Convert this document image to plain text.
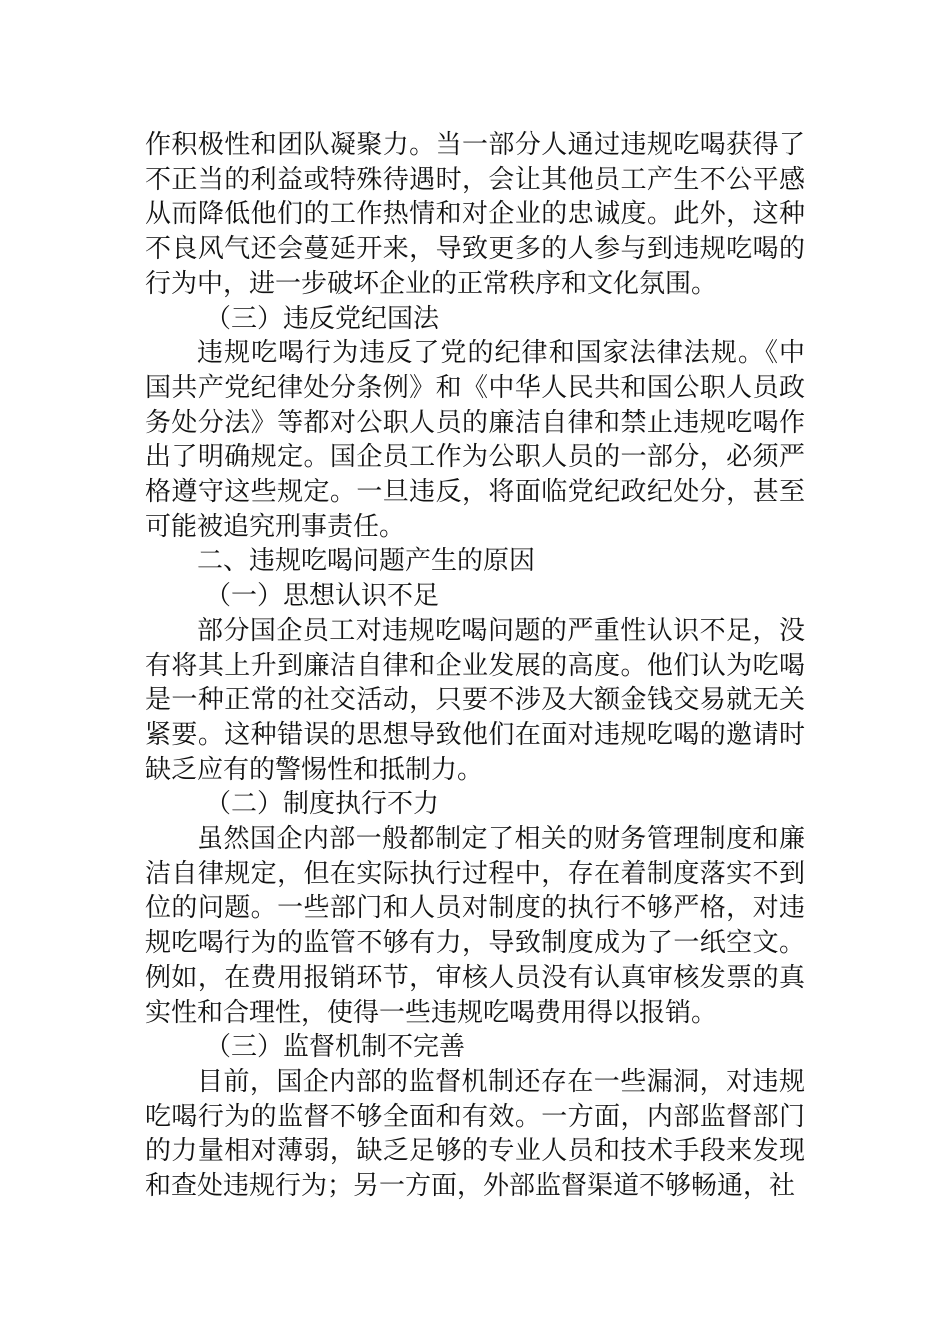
作积极性和团队凝聚力。当一部分人通过违规吃喝获得了不正当的利益或特殊待遇时，会让其他员工产生不公平感从而降低他们的工作热情和对企业的忠诚度。此外，这种不良风气还会蔓延开来，导致更多的人参与到违规吃喝的行为中，进一步破坏企业的正常秩序和文化氛围。

（三）违反党纪国法

违规吃喝行为违反了党的纪律和国家法律法规。《中国共产党纪律处分条例》和《中华人民共和国公职人员政务处分法》等都对公职人员的廉洁自律和禁止违规吃喝作出了明确规定。国企员工作为公职人员的一部分，必须严格遵守这些规定。一旦违反，将面临党纪政纪处分，甚至可能被追究刑事责任。

二、违规吃喝问题产生的原因

（一）思想认识不足

部分国企员工对违规吃喝问题的严重性认识不足，没有将其上升到廉洁自律和企业发展的高度。他们认为吃喝是一种正常的社交活动，只要不涉及大额金钱交易就无关紧要。这种错误的思想导致他们在面对违规吃喝的邀请时缺乏应有的警惕性和抵制力。

（二）制度执行不力

虽然国企内部一般都制定了相关的财务管理制度和廉洁自律规定，但在实际执行过程中，存在着制度落实不到位的问题。一些部门和人员对制度的执行不够严格，对违规吃喝行为的监管不够有力，导致制度成为了一纸空文。例如，在费用报销环节，审核人员没有认真审核发票的真实性和合理性，使得一些违规吃喝费用得以报销。

（三）监督机制不完善

目前，国企内部的监督机制还存在一些漏洞，对违规吃喝行为的监督不够全面和有效。一方面，内部监督部门的力量相对薄弱，缺乏足够的专业人员和技术手段来发现和查处违规行为；另一方面，外部监督渠道不够畅通，社
